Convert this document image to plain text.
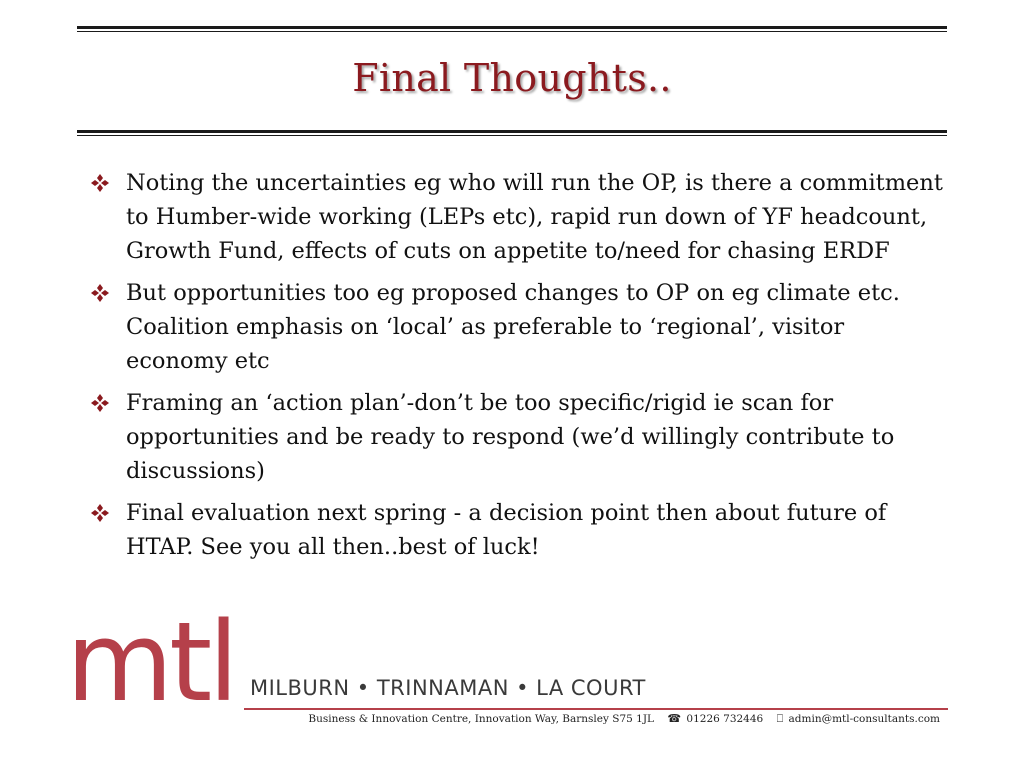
Final Thoughts..
Noting the uncertainties eg who will run the OP, is there a commitment to Humber-wide working (LEPs etc), rapid run down of YF headcount, Growth Fund, effects of cuts on appetite to/need for chasing ERDF
But opportunities too eg proposed changes to OP on eg climate etc. Coalition emphasis on ‘local’ as preferable to ‘regional’, visitor economy etc
Framing an ‘action plan’-don’t be too specific/rigid ie scan for opportunities and be ready to respond (we’d willingly contribute to discussions)
Final evaluation next spring - a decision point then about future of HTAP. See you all then..best of luck!
mtl MILBURN • TRINNAMAN • LA COURT
Business & Innovation Centre, Innovation Way, Barnsley S75 1JL ☎ 01226 732446 ⎕ admin@mtl-consultants.com
